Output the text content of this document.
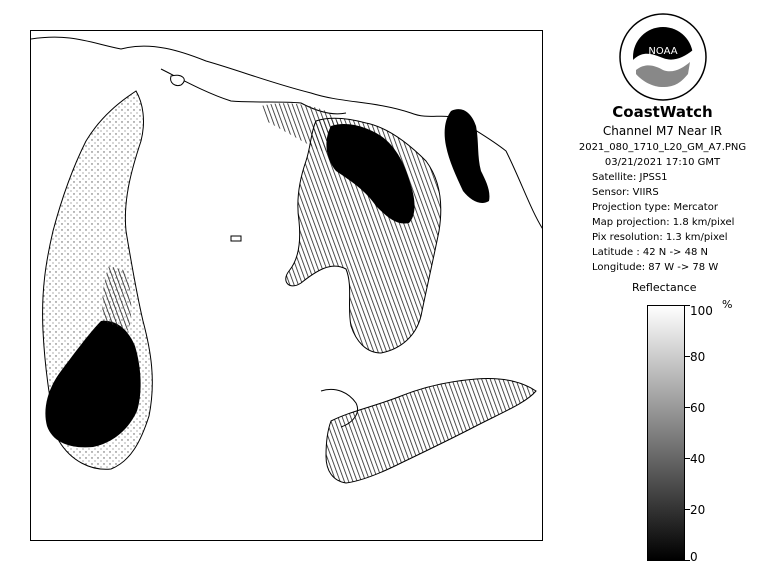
NOAA
CoastWatch
Channel M7 Near IR
2021_080_1710_L20_GM_A7.PNG
03/21/2021 17:10 GMT
Satellite: JPSS1
Sensor: VIIRS
Projection type: Mercator
Map projection: 1.8 km/pixel
Pix resolution: 1.3 km/pixel
Latitude : 42 N -> 48 N
Longitude: 87 W -> 78 W
Reflectance
%
100
80
60
40
20
0
